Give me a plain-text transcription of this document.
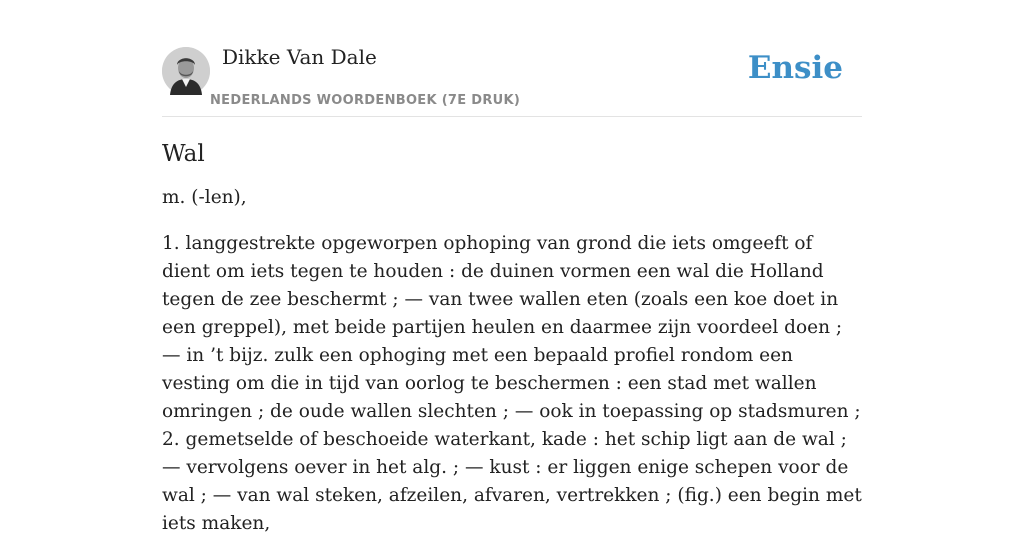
Dikke Van Dale
NEDERLANDS WOORDENBOEK (7E DRUK)
Ensie
Wal

m. (-len),

1. langgestrekte opgeworpen ophoping van grond die iets omgeeft of dient om iets tegen te houden : de duinen vormen een wal die Holland tegen de zee beschermt ; — van twee wallen eten (zoals een koe doet in een greppel), met beide partijen heulen en daarmee zijn voordeel doen ; — in ’t bijz. zulk een ophoging met een bepaald profiel rondom een vesting om die in tijd van oorlog te beschermen : een stad met wallen omringen ; de oude wallen slechten ; — ook in toepassing op stadsmuren ;

2. gemetselde of beschoeide waterkant, kade : het schip ligt aan de wal ; — vervolgens oever in het alg. ; — kust : er liggen enige schepen voor de wal ; — van wal steken, afzeilen, afvaren, vertrekken ; (fig.) een begin met iets maken,
